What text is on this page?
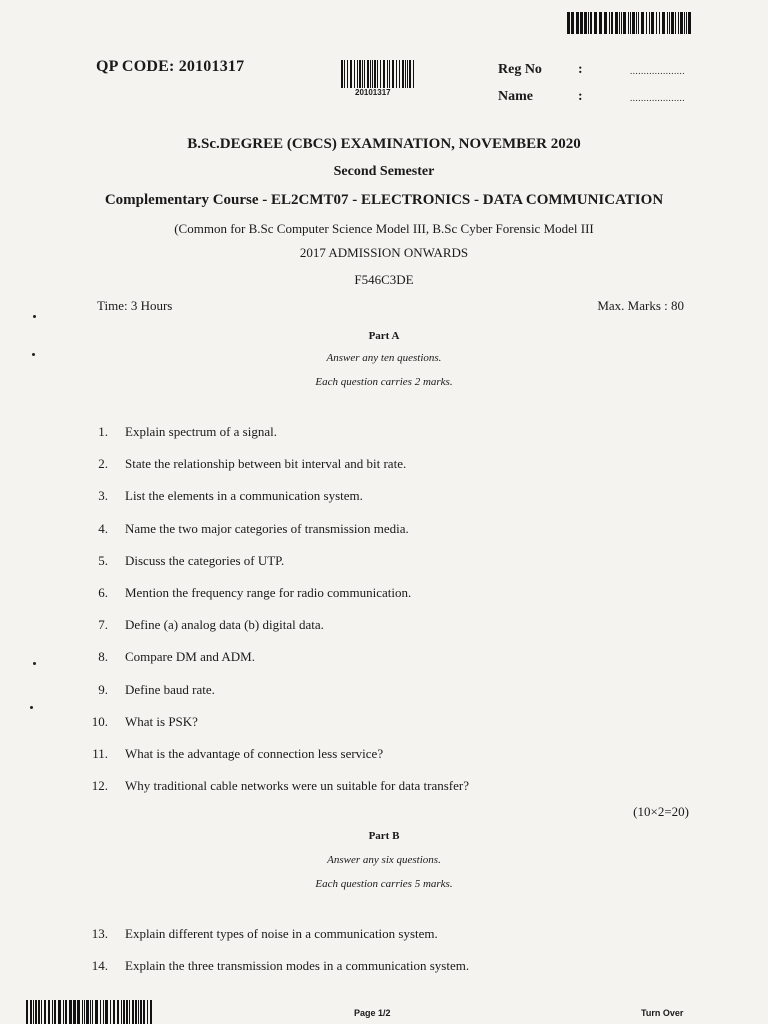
QP CODE: 20101317
20101317
Reg No	:	....................
Name	:	....................
B.Sc.DEGREE (CBCS) EXAMINATION, NOVEMBER 2020
Second Semester
Complementary Course - EL2CMT07 - ELECTRONICS - DATA COMMUNICATION
(Common for B.Sc Computer Science Model III, B.Sc Cyber Forensic Model III
2017 ADMISSION ONWARDS
F546C3DE
Time: 3 Hours	Max. Marks : 80
Part A
Answer any ten questions.
Each question carries 2 marks.
1. Explain spectrum of a signal.
2. State the relationship between bit interval and bit rate.
3. List the elements in a communication system.
4. Name the two major categories of transmission media.
5. Discuss the categories of UTP.
6. Mention the frequency range for radio communication.
7. Define (a) analog data (b) digital data.
8. Compare DM and ADM.
9. Define baud rate.
10. What is PSK?
11. What is the advantage of connection less service?
12. Why traditional cable networks were un suitable for data transfer?
(10×2=20)
Part B
Answer any six questions.
Each question carries 5 marks.
13. Explain different types of noise in a communication system.
14. Explain the three transmission modes in a communication system.
Page 1/2	Turn Over
